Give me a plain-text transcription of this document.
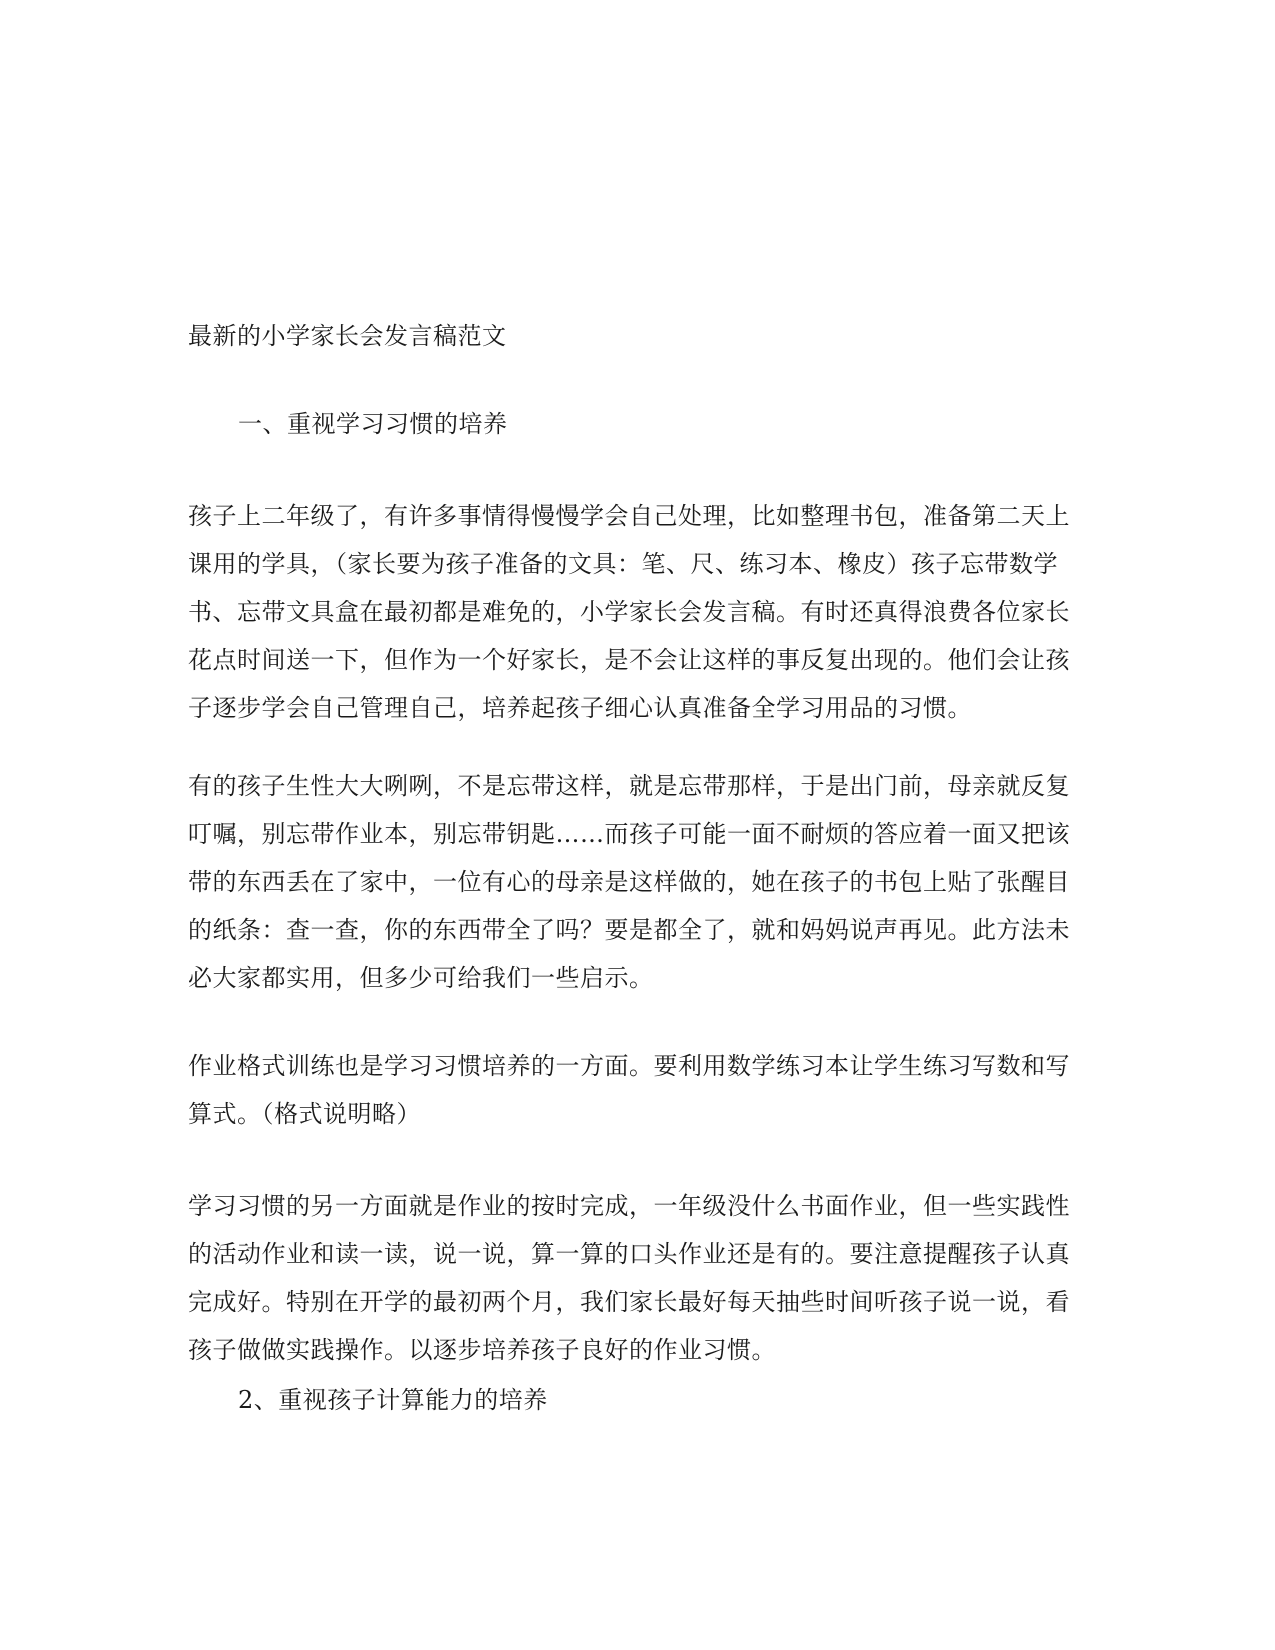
最新的小学家长会发言稿范文
一、重视学习习惯的培养
孩子上二年级了，有许多事情得慢慢学会自己处理，比如整理书包，准备第二天上
课用的学具，（家长要为孩子准备的文具：笔、尺、练习本、橡皮）孩子忘带数学
书、忘带文具盒在最初都是难免的，小学家长会发言稿。有时还真得浪费各位家长
花点时间送一下，但作为一个好家长，是不会让这样的事反复出现的。他们会让孩
子逐步学会自己管理自己，培养起孩子细心认真准备全学习用品的习惯。
有的孩子生性大大咧咧，不是忘带这样，就是忘带那样，于是出门前，母亲就反复
叮嘱，别忘带作业本，别忘带钥匙……而孩子可能一面不耐烦的答应着一面又把该
带的东西丢在了家中，一位有心的母亲是这样做的，她在孩子的书包上贴了张醒目
的纸条：查一查，你的东西带全了吗？要是都全了，就和妈妈说声再见。此方法未
必大家都实用，但多少可给我们一些启示。
作业格式训练也是学习习惯培养的一方面。要利用数学练习本让学生练习写数和写
算式。（格式说明略）
学习习惯的另一方面就是作业的按时完成，一年级没什么书面作业，但一些实践性
的活动作业和读一读，说一说，算一算的口头作业还是有的。要注意提醒孩子认真
完成好。特别在开学的最初两个月，我们家长最好每天抽些时间听孩子说一说，看
孩子做做实践操作。以逐步培养孩子良好的作业习惯。
2、重视孩子计算能力的培养
